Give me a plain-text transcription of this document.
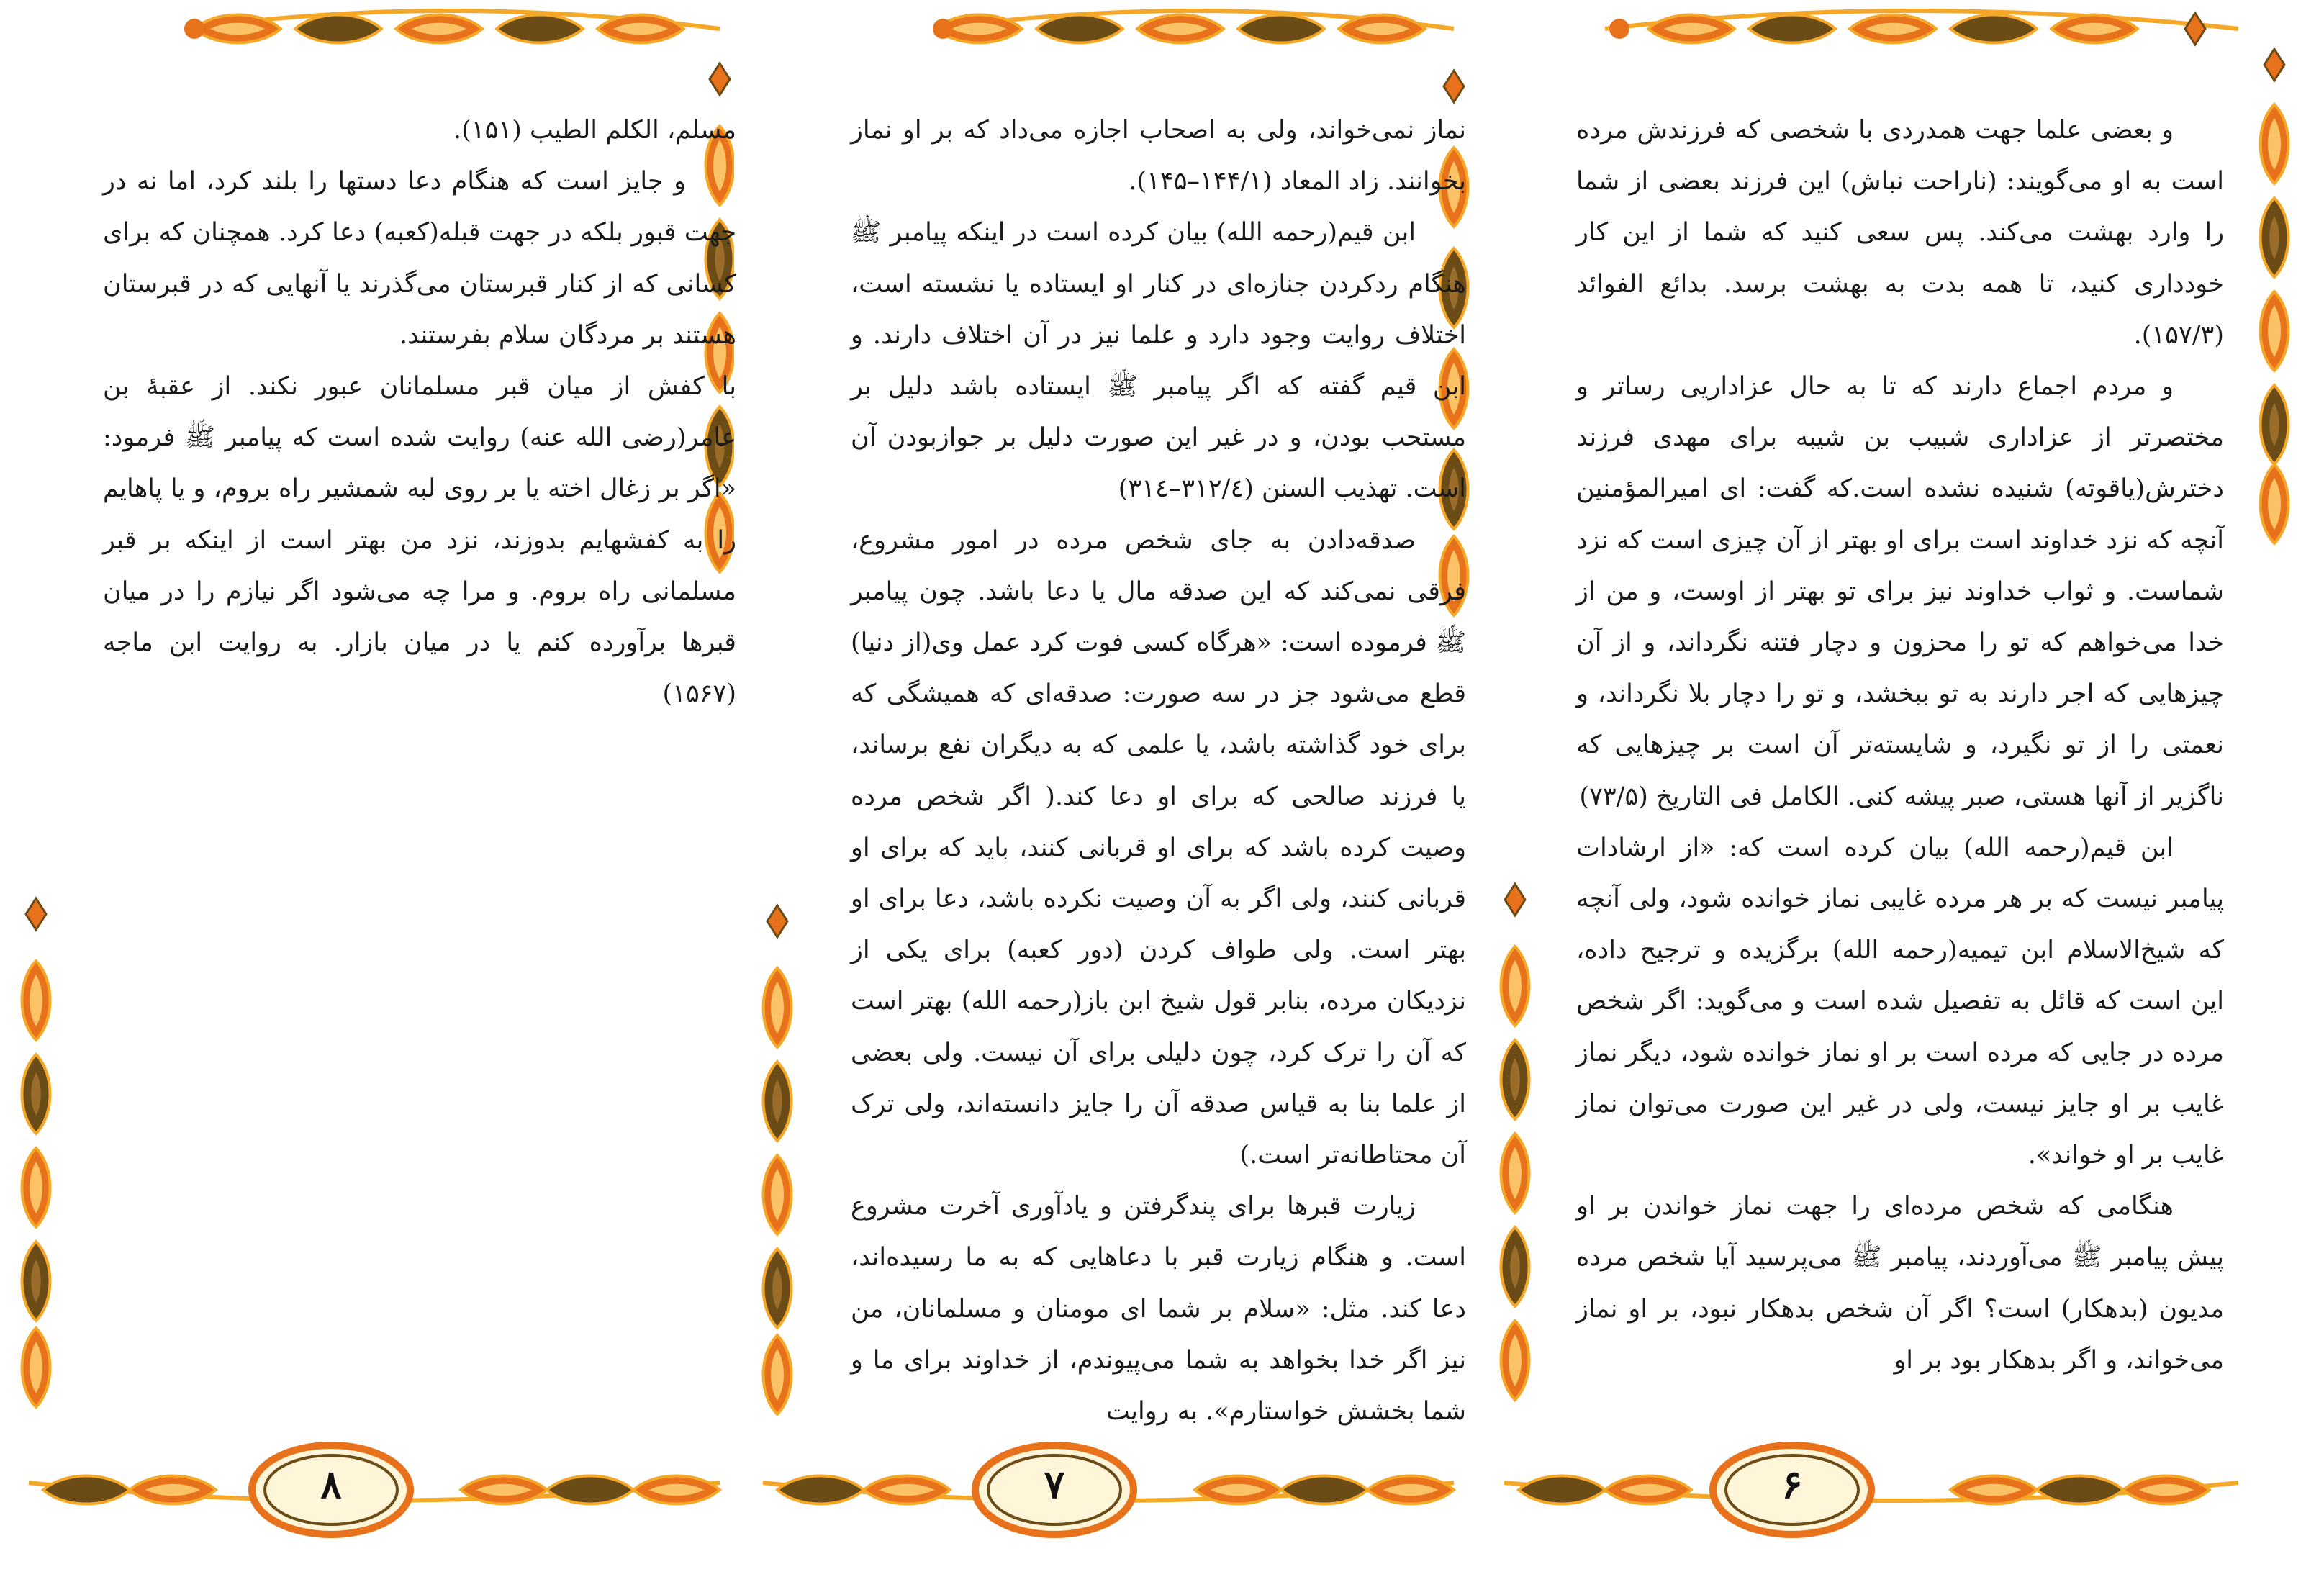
و بعضی علما جهت همدردی با شخصی که فرزندش مرده است به او می‌گویند: (ناراحت نباش) این فرزند بعضی از شما را وارد بهشت می‌کند. پس سعی کنید که شما از این کار خودداری کنید، تا همه بدت به بهشت برسد. بدائع الفوائد (۱۵۷/۳).

و مردم اجماع دارند که تا به حال عزاداریی رساتر و مختصرتر از عزاداری شبیب بن شیبه برای مهدی فرزند دخترش(یاقوته) شنیده نشده است.که گفت: ای امیرالمؤمنین آنچه که نزد خداوند است برای او بهتر از آن چیزی است که نزد شماست. و ثواب خداوند نیز برای تو بهتر از اوست، و من از خدا می‌خواهم که تو را محزون و دچار فتنه نگرداند، و از آن چیزهایی که اجر دارند به تو ببخشد، و تو را دچار بلا نگرداند، و نعمتی را از تو نگیرد، و شایسته‌تر آن است بر چیزهایی که ناگزیر از آنها هستی، صبر پیشه کنی. الکامل فی التاریخ (۷۳/۵)

ابن قیم(رحمه الله) بیان کرده است که: «از ارشادات پیامبر نیست که بر هر مرده غایبی نماز خوانده شود، ولی آنچه که شیخ‌الاسلام ابن تیمیه(رحمه الله) برگزیده و ترجیح داده، این است که قائل به تفصیل شده است و می‌گوید: اگر شخص مرده در جایی که مرده است بر او نماز خوانده شود، دیگر نماز غایب بر او جایز نیست، ولی در غیر این صورت می‌توان نماز غایب بر او خواند».

هنگامی که شخص مرده‌ای را جهت نماز خواندن بر او پیش پیامبر ﷺ می‌آوردند، پیامبر ﷺ می‌پرسید آیا شخص مرده مدیون (بدهکار) است؟ اگر آن شخص بدهکار نبود، بر او نماز می‌خواند، و اگر بدهکار بود بر او

۶

نماز نمی‌خواند، ولی به اصحاب اجازه می‌داد که بر او نماز بخوانند. زاد المعاد (۱۴۴/۱–۱۴۵).

ابن قیم(رحمه الله) بیان کرده است در اینکه پیامبر ﷺ هنگام ردکردن جنازه‌ای در کنار او ایستاده یا نشسته است، اختلاف روایت وجود دارد و علما نیز در آن اختلاف دارند. و ابن قیم گفته که اگر پیامبر ﷺ ایستاده باشد دلیل بر مستحب بودن، و در غیر این صورت دلیل بر جوازبودن آن است. تهذیب السنن (۳۱۲/٤–۳۱٤)

صدقه‌دادن به جای شخص مرده در امور مشروع، فرقی نمی‌کند که این صدقه مال یا دعا باشد. چون پیامبر ﷺ فرموده است: «هرگاه کسی فوت کرد عمل وی(از دنیا) قطع می‌شود جز در سه صورت: صدقه‌ای که همیشگی که برای خود گذاشته باشد، یا علمی که به دیگران نفع برساند، یا فرزند صالحی که برای او دعا کند.( اگر شخص مرده وصیت کرده باشد که برای او قربانی کنند، باید که برای او قربانی کنند، ولی اگر به آن وصیت نکرده باشد، دعا برای او بهتر است. ولی طواف کردن (دور کعبه) برای یکی از نزدیکان مرده، بنابر قول شیخ ابن باز(رحمه الله) بهتر است که آن را ترک کرد، چون دلیلی برای آن نیست. ولی بعضی از علما بنا به قیاس صدقه آن را جایز دانسته‌اند، ولی ترک آن محتاطانه‌تر است.)

زیارت قبرها برای پندگرفتن و یادآوری آخرت مشروع است. و هنگام زیارت قبر با دعاهایی که به ما رسیده‌اند، دعا کند. مثل: «سلام بر شما ای مومنان و مسلمانان، من نیز اگر خدا بخواهد به شما می‌پیوندم، از خداوند برای ما و شما بخشش خواستارم». به روایت

۷

مسلم، الکلم الطیب (۱۵۱).

و جایز است که هنگام دعا دستها را بلند کرد، اما نه در جهت قبور بلکه در جهت قبله(کعبه) دعا کرد. همچنان که برای کسانی که از کنار قبرستان می‌گذرند یا آنهایی که در قبرستان هستند بر مردگان سلام بفرستند.

با کفش از میان قبر مسلمانان عبور نکند. از عقبهٔ بن عامر(رضی الله عنه) روایت شده است که پیامبر ﷺ فرمود: «اگر بر زغال اخته یا بر روی لبه شمشیر راه بروم، و یا پاهایم را به کفشهایم بدوزند، نزد من بهتر است از اینکه بر قبر مسلمانی راه بروم. و مرا چه می‌شود اگر نیازم را در میان قبرها برآورده کنم یا در میان بازار. به روایت ابن ماجه (۱۵۶۷)

۸
